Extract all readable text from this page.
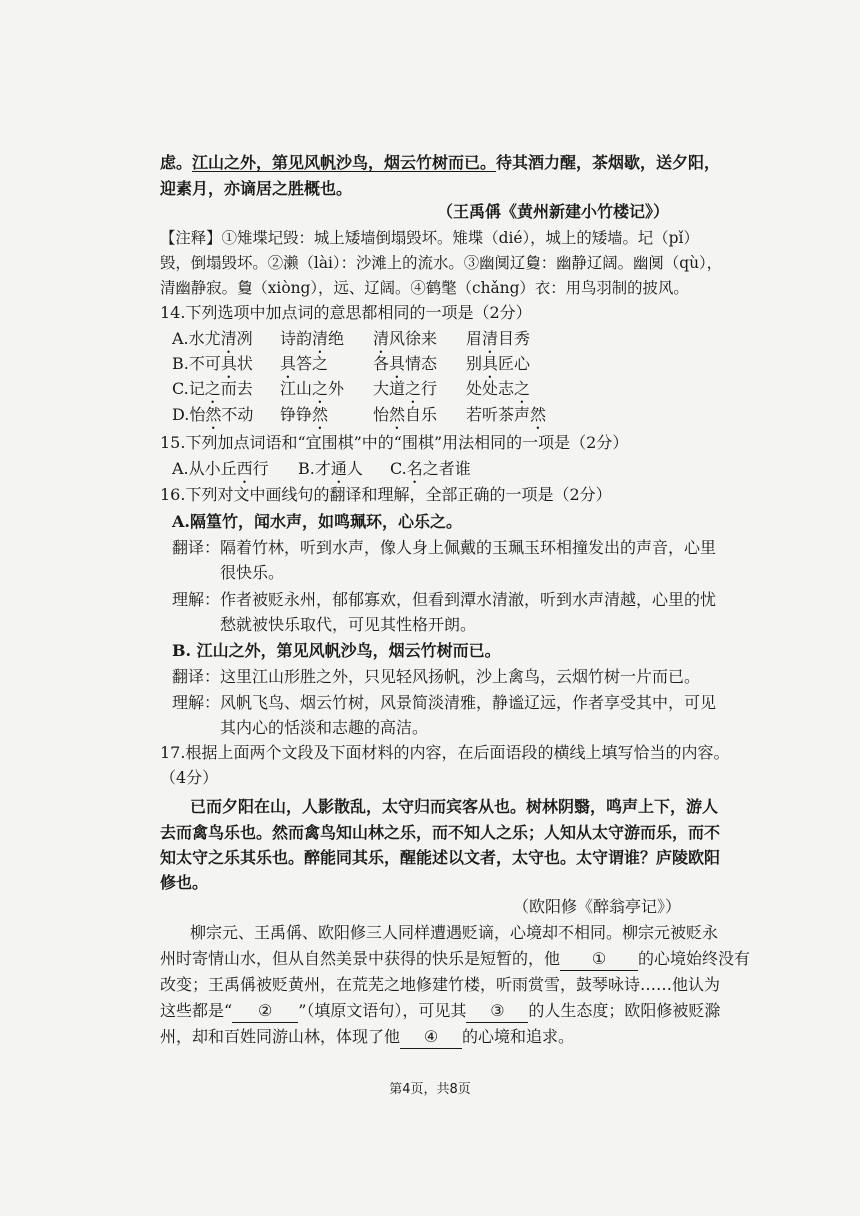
虑。江山之外，第见风帆沙鸟，烟云竹树而已。待其酒力醒，茶烟歇，送夕阳，
迎素月，亦谪居之胜概也。
（王禹偁《黄州新建小竹楼记》）
【注释】①雉堞圮毁：城上矮墙倒塌毁坏。雉堞（dié），城上的矮墙。圮（pǐ）
毁，倒塌毁坏。②濑（lài）：沙滩上的流水。③幽阒辽敻：幽静辽阔。幽阒（qù），
清幽静寂。敻（xiòng），远、辽阔。④鹤氅（chǎng）衣：用鸟羽制的披风。
14.下列选项中加点词的意思都相同的一项是（2分）
A.水尤清冽 诗韵清绝 清风徐来 眉清目秀
B.不可具状 具答之	各具情态 别具匠心
C.记之而去 江山之外 大道之行 处处志之
D.怡然不动 铮铮然	怡然自乐 若听茶声然
15.下列加点词语和“宜围棋”中的“围棋”用法相同的一项是（2分）
A.从小丘西行 B.才通人 C.名之者谁
16.下列对文中画线句的翻译和理解，全部正确的一项是（2分）
A.隔篁竹，闻水声，如鸣珮环，心乐之。
翻译：隔着竹林，听到水声，像人身上佩戴的玉珮玉环相撞发出的声音，心里
很快乐。
理解：作者被贬永州，郁郁寡欢，但看到潭水清澈，听到水声清越，心里的忧
愁就被快乐取代，可见其性格开朗。
B. 江山之外，第见风帆沙鸟，烟云竹树而已。
翻译：这里江山形胜之外，只见轻风扬帆，沙上禽鸟，云烟竹树一片而已。
理解：风帆飞鸟、烟云竹树，风景简淡清雅，静谧辽远，作者享受其中，可见
其内心的恬淡和志趣的高洁。
17.根据上面两个文段及下面材料的内容，在后面语段的横线上填写恰当的内容。
（4分）
已而夕阳在山，人影散乱，太守归而宾客从也。树林阴翳，鸣声上下，游人
去而禽鸟乐也。然而禽鸟知山林之乐，而不知人之乐；人知从太守游而乐，而不
知太守之乐其乐也。醉能同其乐，醒能述以文者，太守也。太守谓谁？庐陵欧阳
修也。
（欧阳修《醉翁亭记》）
柳宗元、王禹偁、欧阳修三人同样遭遇贬谪，心境却不相同。柳宗元被贬永
州时寄情山水，但从自然美景中获得的快乐是短暂的，他 ① 的心境始终没有
改变；王禹偁被贬黄州，在荒芜之地修建竹楼，听雨赏雪，鼓琴咏诗……他认为
这些都是“ ② ”（填原文语句），可见其 ③ 的人生态度；欧阳修被贬滁
州，却和百姓同游山林，体现了他 ④ 的心境和追求。
第4页，共8页
